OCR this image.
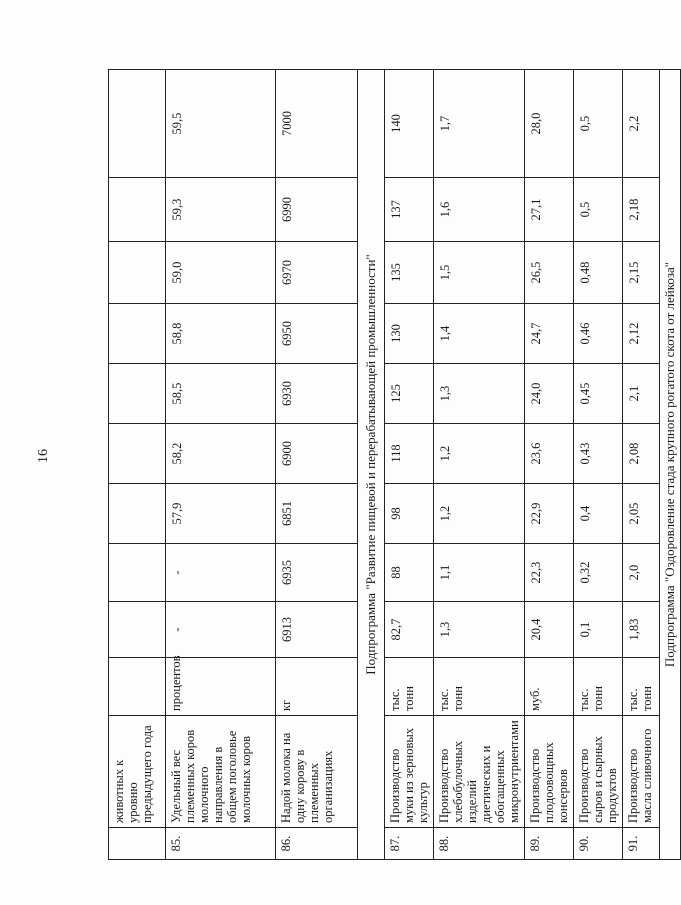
16
	животных к уровню предыдущего года										
85.	Удельный вес племенных коров молочного направления в общем поголовье молочных коров	процентов	-	-	57,9	58,2	58,5	58,8	59,0	59,3	59,5
86.	Надой молока на одну корову в племенных организациях	кг	6913	6935	6851	6900	6930	6950	6970	6990	7000
Подпрограмма "Развитие пищевой и перерабатывающей промышленности"											
87.	Производство муки из зерновых культур	тыс. тонн	82,7	88	98	118	125	130	135	137	140
88.	Производство хлебобулочных изделий диетических и обогащенных микронутриентами	тыс. тонн	1,3	1,1	1,2	1,2	1,3	1,4	1,5	1,6	1,7
89.	Производство плодоовощных консервов	муб.	20,4	22,3	22,9	23,6	24,0	24,7	26,5	27,1	28,0
90.	Производство сыров и сырных продуктов	тыс. тонн	0,1	0,32	0,4	0,43	0,45	0,46	0,48	0,5	0,5
91.	Производство масла сливочного	тыс. тонн	1,83	2,0	2,05	2,08	2,1	2,12	2,15	2,18	2,2
Подпрограмма "Оздоровление стада крупного рогатого скота от лейкоза"											
